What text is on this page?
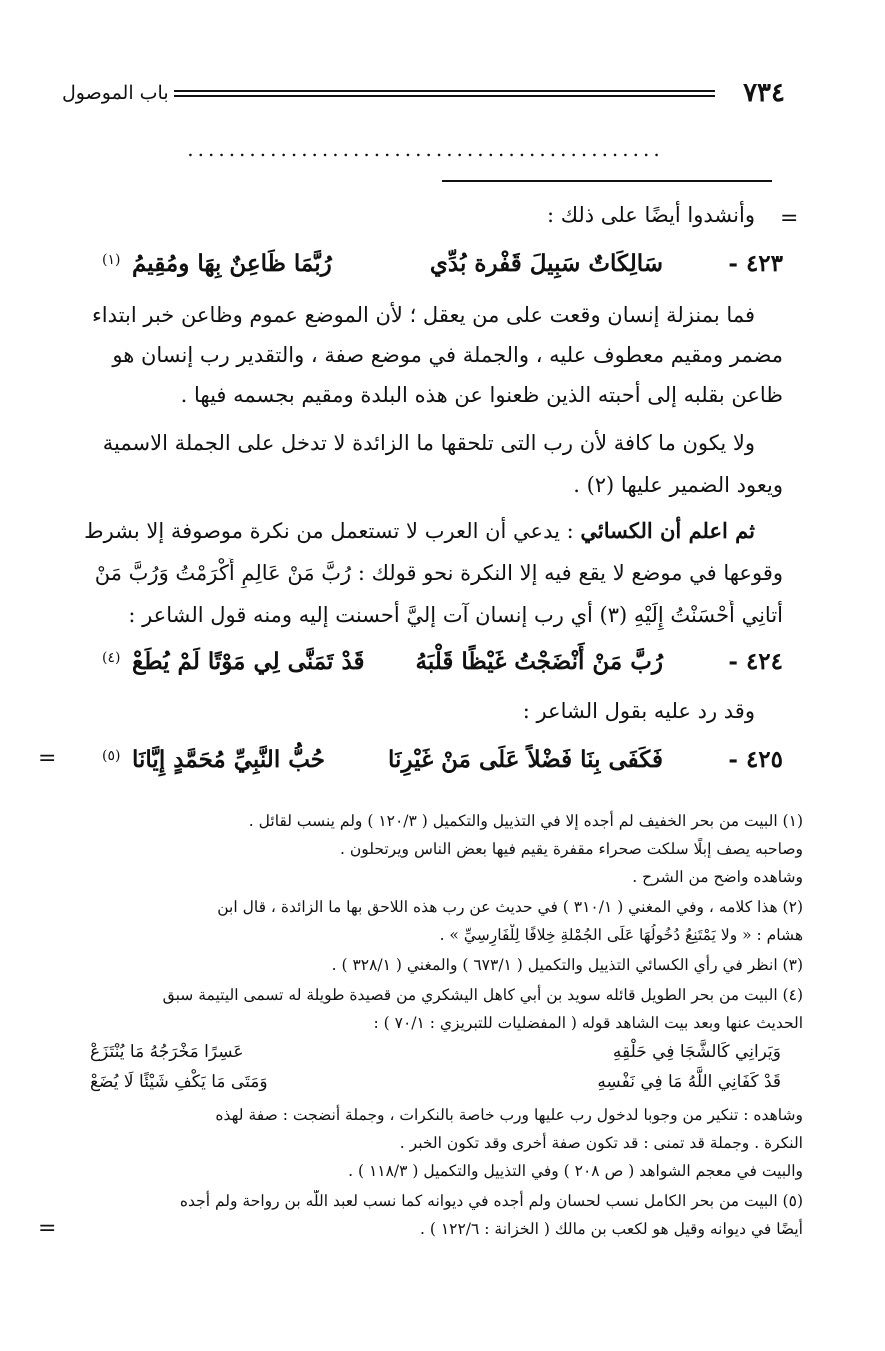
٧٣٤
باب الموصول
..............................................
=
وأنشدوا أيضًا على ذلك :
٤٢٣ -
سَالِكَاتٌ سَبِيلَ قَفْرة بُدِّي
رُبَّمَا ظَاعِنٌ بِهَا ومُقِيمُ
(١)
فما بمنزلة إنسان وقعت على من يعقل ؛ لأن الموضع عموم وظاعن خبر ابتداء
مضمر ومقيم معطوف عليه ، والجملة في موضع صفة ، والتقدير رب إنسان هو
ظاعن بقلبه إلى أحبته الذين ظعنوا عن هذه البلدة ومقيم بجسمه فيها .
ولا يكون ما كافة لأن رب التى تلحقها ما الزائدة لا تدخل على الجملة الاسمية
ويعود الضمير عليها (٢) .
ثم اعلم أن الكسائي : يدعي أن العرب لا تستعمل من نكرة موصوفة إلا بشرط
وقوعها في موضع لا يقع فيه إلا النكرة نحو قولك : رُبَّ مَنْ عَالِمٍ أَكْرَمْتُ وَرُبَّ مَنْ
أتانِي أَحْسَنْتُ إِلَيْهِ (٣) أي رب إنسان آت إليَّ أحسنت إليه ومنه قول الشاعر :
٤٢٤ -
رُبَّ مَنْ أَنْضَجْتُ غَيْظًا قَلْبَهُ
قَدْ تَمَنَّى لِي مَوْتًا لَمْ يُطَعْ
(٤)
وقد رد عليه بقول الشاعر :
٤٢٥ -
فَكَفَى بِنَا فَضْلاً عَلَى مَنْ غَيْرِنَا
حُبُّ النَّبِيِّ مُحَمَّدٍ إِيَّانَا
(٥)
=
(١) البيت من بحر الخفيف لم أجده إلا في التذييل والتكميل ( ١٢٠/٣ ) ولم ينسب لقائل .
وصاحبه يصف إبلًا سلكت صحراء مقفرة يقيم فيها بعض الناس ويرتحلون .
وشاهده واضح من الشرح .
(٢) هذا كلامه ، وفي المغني ( ٣١٠/١ ) في حديث عن رب هذه اللاحق بها ما الزائدة ، قال ابن
هشام : « ولا يَمْتَنِعُ دُخُولُهَا عَلَى الجُمْلةِ خِلافًا لِلْفَارِسِيِّ » .
(٣) انظر في رأي الكسائي التذييل والتكميل ( ٦٧٣/١ ) والمغني ( ٣٢٨/١ ) .
(٤) البيت من بحر الطويل قائله سويد بن أبي كاهل اليشكري من قصيدة طويلة له تسمى اليتيمة سبق
الحديث عنها وبعد بيت الشاهد قوله ( المفضليات للتبريزي : ٧٠/١ ) :
وَيَرانِي كَالشَّجَا فِي حَلْقِهِ
عَسِرًا مَخْرَجُهُ مَا يُنْتَزَعْ
قَدْ كَفَانِي اللَّهُ مَا فِي نَفْسِهِ
وَمَتَى مَا يَكْفِ شَيْئًا لَا يُضَعْ
وشاهده : تنكير من وجوبا لدخول رب عليها ورب خاصة بالنكرات ، وجملة أنضجت : صفة لهذه
النكرة . وجملة قد تمنى : قد تكون صفة أخرى وقد تكون الخبر .
والبيت في معجم الشواهد ( ص ٢٠٨ ) وفي التذييل والتكميل ( ١١٨/٣ ) .
(٥) البيت من بحر الكامل نسب لحسان ولم أجده في ديوانه كما نسب لعبد اللّٰه بن رواحة ولم أجده
أيضًا في ديوانه وقيل هو لكعب بن مالك ( الخزانة : ١٢٢/٦ ) .
=
